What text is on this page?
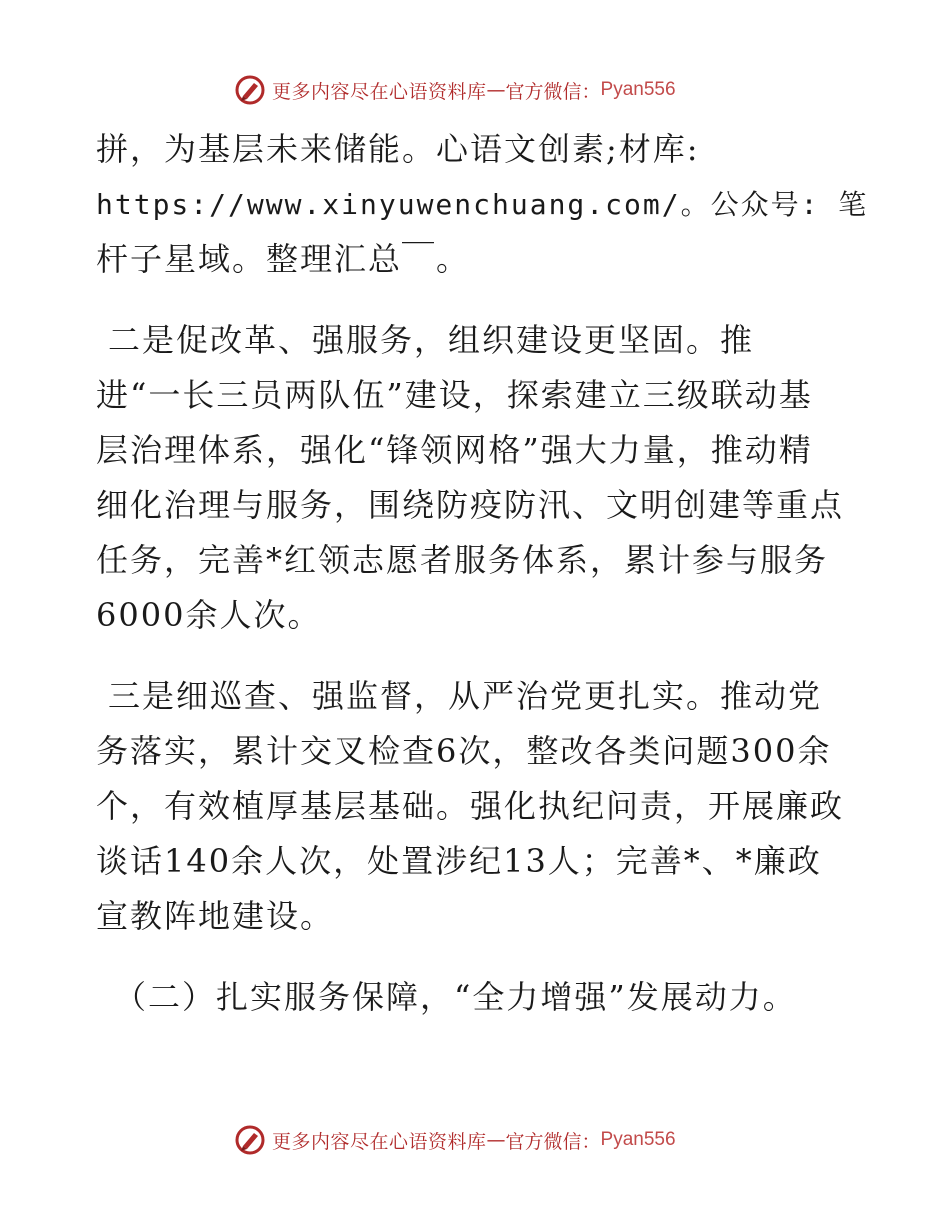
更多内容尽在心语资料库 — 官方微信： Pyan556
拼，为基层未来储能。心语文创素;材库:
https://www.xinyuwenchuang.com/。公众号: 笔
杆子星域。整理汇总￣。
二是促改革、强服务，组织建设更坚固。推
进“一长三员两队伍”建设，探索建立三级联动基
层治理体系，强化“锋领网格”强大力量，推动精
细化治理与服务，围绕防疫防汛、文明创建等重点
任务，完善*红领志愿者服务体系，累计参与服务
6000余人次。
三是细巡查、强监督，从严治党更扎实。推动党
务落实，累计交叉检查6次，整改各类问题300余
个，有效植厚基层基础。强化执纪问责，开展廉政
谈话140余人次，处置涉纪13人；完善*、*廉政
宣教阵地建设。
（二）扎实服务保障，“全力增强”发展动力。
更多内容尽在心语资料库 — 官方微信： Pyan556
